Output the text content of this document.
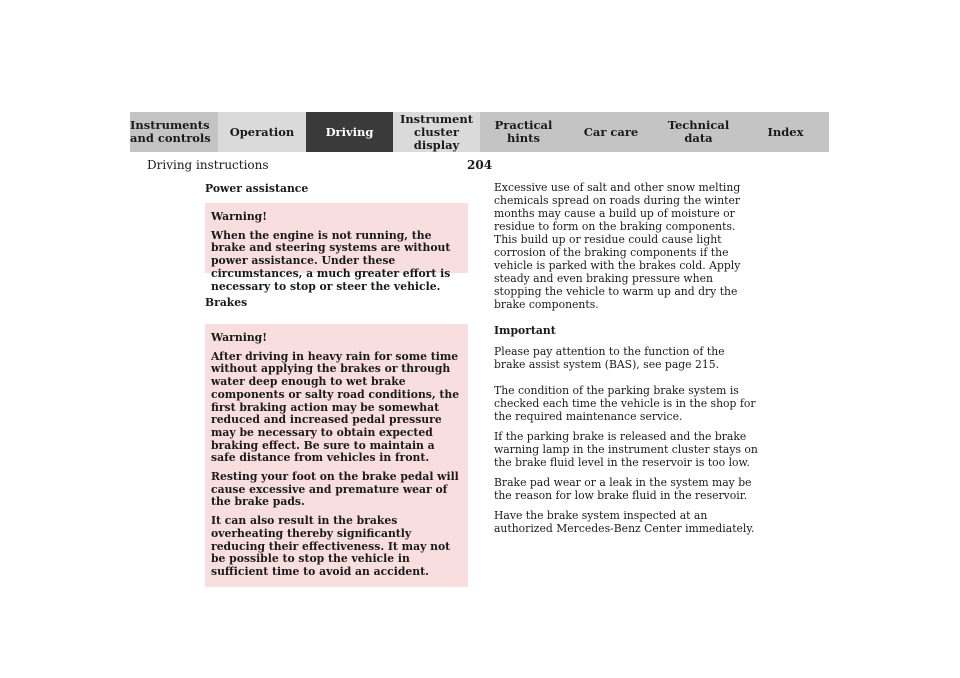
Instruments
and controls Operation	Driving
Instrument
cluster display
Practical hints	Car care	Technical
data	Index
Driving instructions	204
Power assistance
Warning!

When the engine is not running, the brake and steering systems are without power assistance. Under these circumstances, a much greater effort is necessary to stop or steer the vehicle.

Brakes
Warning!

After driving in heavy rain for some time without applying the brakes or through water deep enough to wet brake components or salty road conditions, the first braking action may be somewhat reduced and increased pedal pressure may be necessary to obtain expected braking effect. Be sure to maintain a safe distance from vehicles in front.

Resting your foot on the brake pedal will cause excessive and premature wear of the brake pads.

It can also result in the brakes overheating thereby significantly reducing their effectiveness. It may not be possible to stop the vehicle in sufficient time to avoid an accident.

Excessive use of salt and other snow melting chemicals spread on roads during the winter months may cause a build up of moisture or residue to form on the braking components. This build up or residue could cause light corrosion of the braking components if the vehicle is parked with the brakes cold. Apply steady and even braking pressure when stopping the vehicle to warm up and dry the brake components.

Important

Please pay attention to the function of the brake assist system (BAS), see page 215.

The condition of the parking brake system is checked each time the vehicle is in the shop for the required maintenance service.

If the parking brake is released and the brake warning lamp in the instrument cluster stays on the brake fluid level in the reservoir is too low.

Brake pad wear or a leak in the system may be the reason for low brake fluid in the reservoir.

Have the brake system inspected at an authorized Mercedes-Benz Center immediately.
